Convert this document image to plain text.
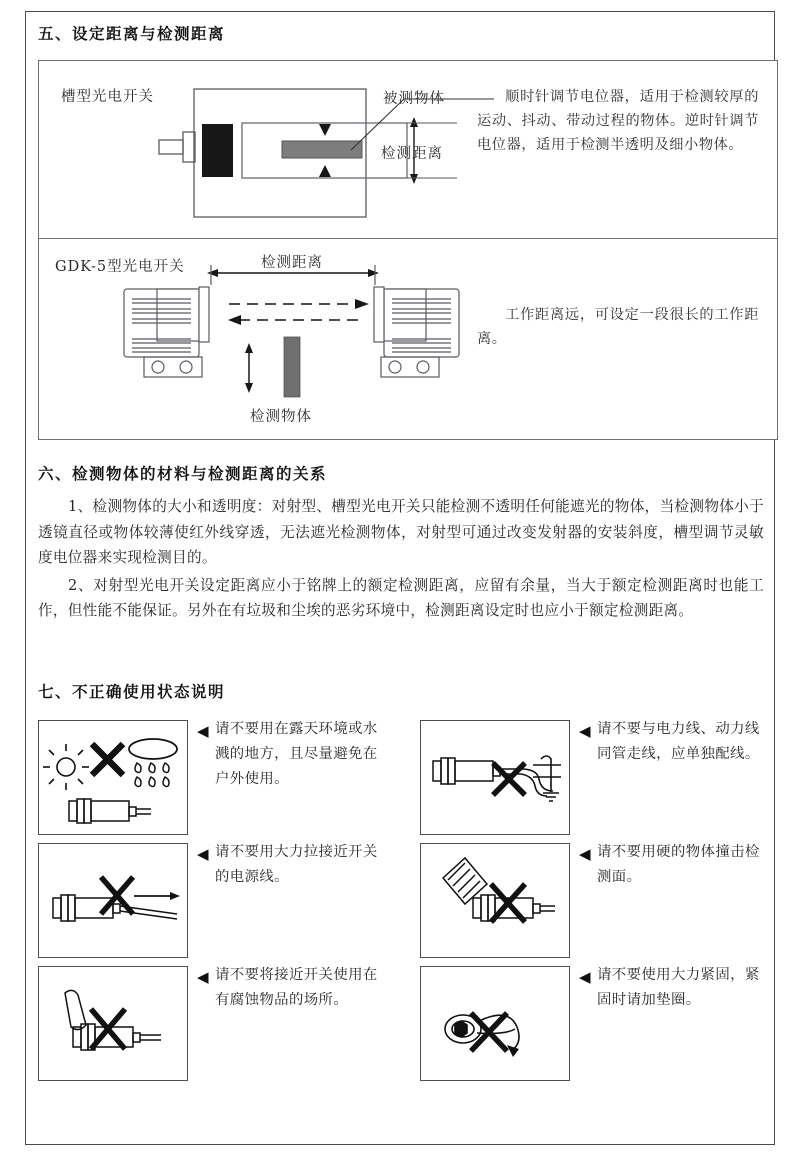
五、设定距离与检测距离
槽型光电开关	被测物体
检测距离
顺时针调节电位器，适用于检测较厚的运动、抖动、带动过程的物体。逆时针调节电位器，适用于检测半透明及细小物体。
GDK-5型光电开关	检测距离
检测物体
工作距离远，可设定一段很长的工作距离。
六、检测物体的材料与检测距离的关系

1、检测物体的大小和透明度：对射型、槽型光电开关只能检测不透明任何能遮光的物体，当检测物体小于透镜直径或物体较薄使红外线穿透，无法遮光检测物体，对射型可通过改变发射器的安装斜度，槽型调节灵敏度电位器来实现检测目的。

2、对射型光电开关设定距离应小于铭牌上的额定检测距离，应留有余量，当大于额定检测距离时也能工作，但性能不能保证。另外在有垃圾和尘埃的恶劣环境中，检测距离设定时也应小于额定检测距离。

七、不正确使用状态说明
◀ 请不要用在露天环境或水溅的地方，且尽量避免在户外使用。
◀ 请不要与电力线、动力线同管走线，应单独配线。
◀ 请不要用大力拉接近开关的电源线。
◀ 请不要用硬的物体撞击检测面。
◀ 请不要将接近开关使用在有腐蚀物品的场所。
◀ 请不要使用大力紧固，紧固时请加垫圈。
